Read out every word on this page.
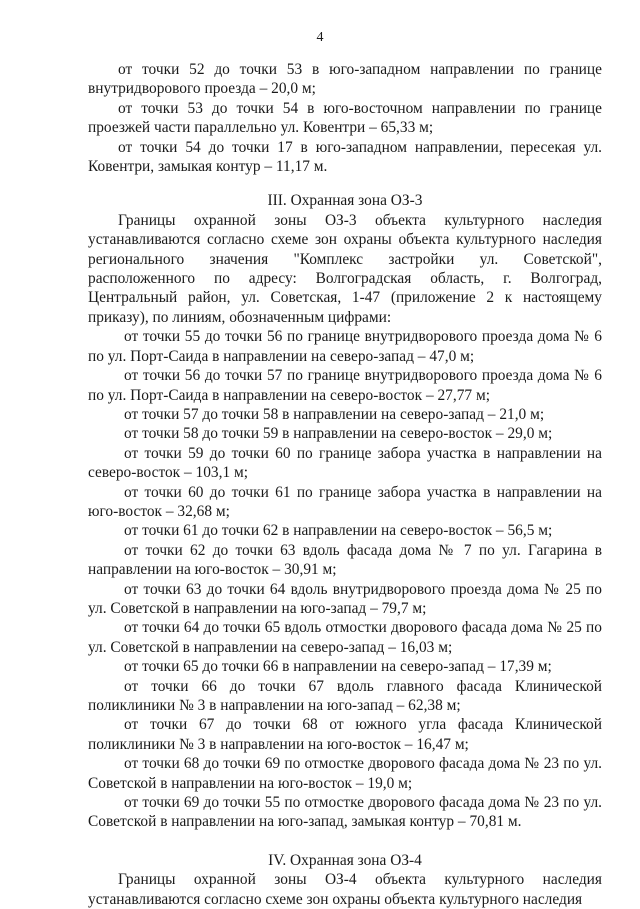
4

от точки 52 до точки 53 в юго-западном направлении по границе внутридворового проезда – 20,0 м;

от точки 53 до точки 54 в юго-восточном направлении по границе проезжей части параллельно ул. Ковентри – 65,33 м;

от точки 54 до точки 17 в юго-западном направлении, пересекая ул. Ковентри, замыкая контур – 11,17 м.

III. Охранная зона ОЗ-3

Границы охранной зоны ОЗ-3 объекта культурного наследия устанавливаются согласно схеме зон охраны объекта культурного наследия регионального значения "Комплекс застройки ул. Советской", расположенного по адресу: Волгоградская область, г. Волгоград, Центральный район, ул. Советская, 1-47 (приложение 2 к настоящему приказу), по линиям, обозначенным цифрами:

от точки 55 до точки 56 по границе внутридворового проезда дома № 6 по ул. Порт-Саида в направлении на северо-запад – 47,0 м;

от точки 56 до точки 57 по границе внутридворового проезда дома № 6 по ул. Порт-Саида в направлении на северо-восток – 27,77 м;

от точки 57 до точки 58 в направлении на северо-запад – 21,0 м;

от точки 58 до точки 59 в направлении на северо-восток – 29,0 м;

от точки 59 до точки 60 по границе забора участка в направлении на северо-восток – 103,1 м;

от точки 60 до точки 61 по границе забора участка в направлении на юго-восток – 32,68 м;

от точки 61 до точки 62 в направлении на северо-восток – 56,5 м;

от точки 62 до точки 63 вдоль фасада дома № 7 по ул. Гагарина в направлении на юго-восток – 30,91 м;

от точки 63 до точки 64 вдоль внутридворового проезда дома № 25 по ул. Советской в направлении на юго-запад – 79,7 м;

от точки 64 до точки 65 вдоль отмостки дворового фасада дома № 25 по ул. Советской в направлении на северо-запад – 16,03 м;

от точки 65 до точки 66 в направлении на северо-запад – 17,39 м;

от точки 66 до точки 67 вдоль главного фасада Клинической поликлиники № 3 в направлении на юго-запад – 62,38 м;

от точки 67 до точки 68 от южного угла фасада Клинической поликлиники № 3 в направлении на юго-восток – 16,47 м;

от точки 68 до точки 69 по отмостке дворового фасада дома № 23 по ул. Советской в направлении на юго-восток – 19,0 м;

от точки 69 до точки 55 по отмостке дворового фасада дома № 23 по ул. Советской в направлении на юго-запад, замыкая контур – 70,81 м.

IV. Охранная зона ОЗ-4

Границы охранной зоны ОЗ-4 объекта культурного наследия устанавливаются согласно схеме зон охраны объекта культурного наследия
